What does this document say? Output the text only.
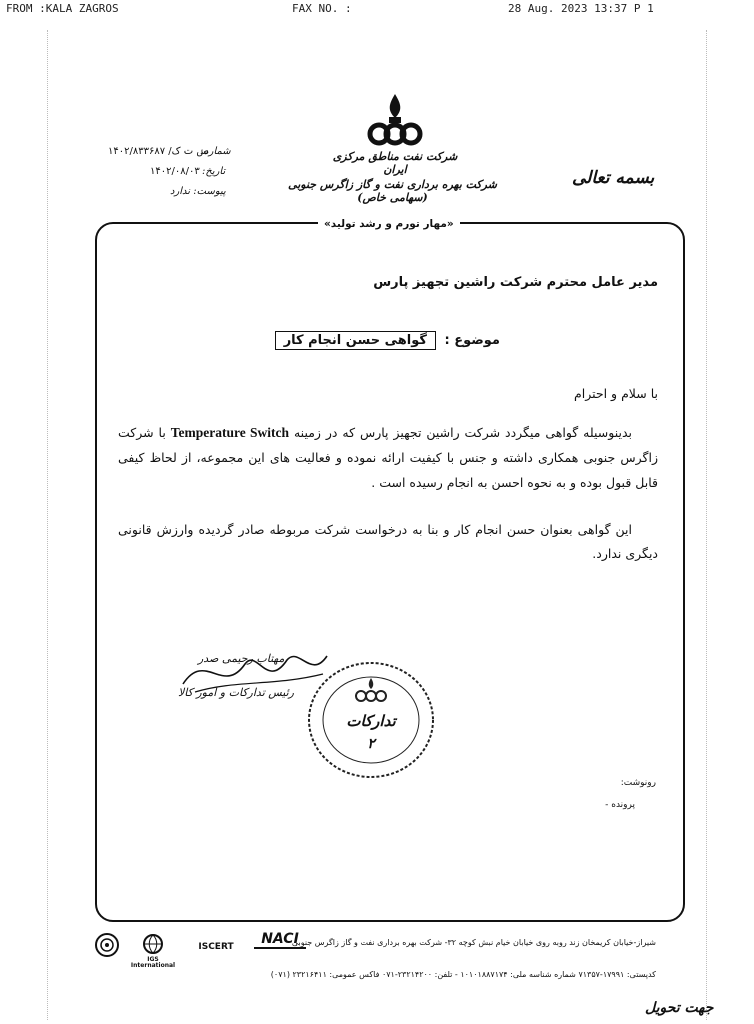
FROM :KALA ZAGROS	FAX NO. :	28 Aug. 2023 13:37 P 1
بسمه تعالی
شرکت نفت مناطق مرکزی ایران
شرکت بهره برداری نفت و گاز زاگرس جنوبی (سهامی خاص)
شماره:
س ت ک/ ۱۴۰۲/۸۳۳۶۸۷
تاریخ:
۱۴۰۲/۰۸/۰۳
پیوست: ندارد
«مهار تورم و رشد تولید»
مدیر عامل محترم شرکت راشین تجهیز پارس
موضوع : گواهی حسن انجام کار
با سلام و احترام
بدینوسیله گواهی میگردد شرکت راشین تجهیز پارس که در زمینه Temperature Switch با شرکت زاگرس جنوبی همکاری داشته و جنس با کیفیت ارائه نموده و فعالیت های این مجموعه، از لحاظ کیفی قابل قبول بوده و به نحوه احسن به انجام رسیده است .
این گواهی بعنوان حسن انجام کار و بنا به درخواست شرکت مربوطه صادر گردیده وارزش قانونی دیگری ندارد.
مهتاب رحیمی صدر
رئیس تدارکات و امور کالا
تدارکات
۲
رونوشت:
پرونده -
شیراز-خیابان کریمخان زند روبه روی خیابان خیام نبش کوچه ۳۲- شرکت بهره برداری نفت و گاز زاگرس جنوبی
کدپستی: ۱۷۹۹۱-۷۱۳۵۷ شماره شناسه ملی: ۱۰۱۰۱۸۸۷۱۷۴ - تلفن: ۲۳۲۱۴۲۰۰-۰۷۱ فاکس عمومی: ۲۳۲۱۶۴۱۱ (۰۷۱)
NACI
ISCERT
IGS International
جهت تحویل
